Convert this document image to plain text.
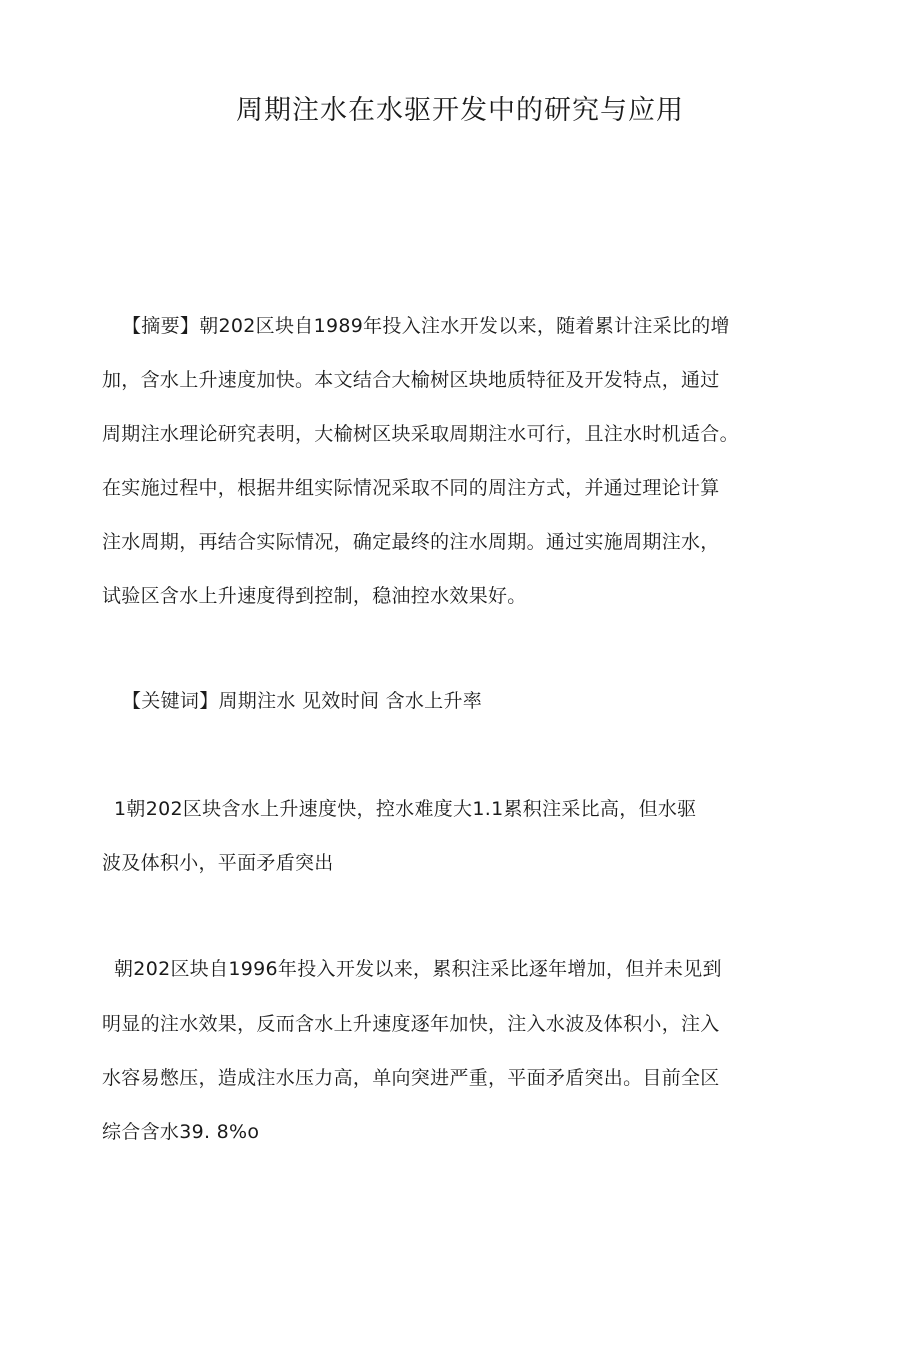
周期注水在水驱开发中的研究与应用
【摘要】朝202区块自1989年投入注水开发以来，随着累计注采比的增
加，含水上升速度加快。本文结合大榆树区块地质特征及开发特点，通过
周期注水理论研究表明，大榆树区块采取周期注水可行，且注水时机适合。
在实施过程中，根据井组实际情况采取不同的周注方式，并通过理论计算
注水周期，再结合实际情况，确定最终的注水周期。通过实施周期注水，
试验区含水上升速度得到控制，稳油控水效果好。
【关键词】周期注水 见效时间 含水上升率
1朝202区块含水上升速度快，控水难度大1.1累积注采比高，但水驱
波及体积小，平面矛盾突出
朝202区块自1996年投入开发以来，累积注采比逐年增加，但并未见到
明显的注水效果，反而含水上升速度逐年加快，注入水波及体积小，注入
水容易憋压，造成注水压力高，单向突进严重，平面矛盾突出。目前全区
综合含水39. 8%o
